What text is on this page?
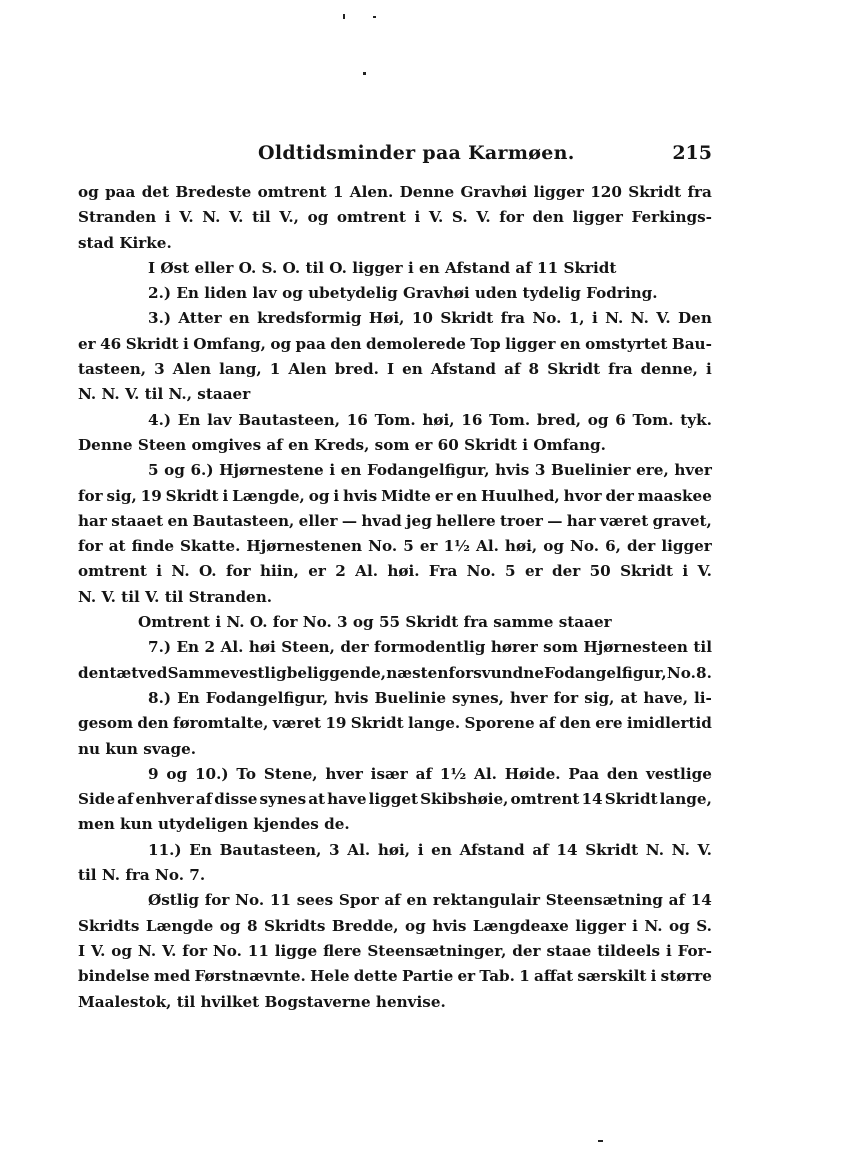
Oldtidsminder paa Karmøen.	215
og paa det Bredeste omtrent 1 Alen. Denne Gravhøi ligger 120 Skridt fra
Stranden i V. N. V. til V., og omtrent i V. S. V. for den ligger Ferkings-
stad Kirke.
I Øst eller O. S. O. til O. ligger i en Afstand af 11 Skridt
2.) En liden lav og ubetydelig Gravhøi uden tydelig Fodring.
3.) Atter en kredsformig Høi, 10 Skridt fra No. 1, i N. N. V. Den
er 46 Skridt i Omfang, og paa den demolerede Top ligger en omstyrtet Bau-
tasteen, 3 Alen lang, 1 Alen bred. I en Afstand af 8 Skridt fra denne, i
N. N. V. til N., staaer
4.) En lav Bautasteen, 16 Tom. høi, 16 Tom. bred, og 6 Tom. tyk.
Denne Steen omgives af en Kreds, som er 60 Skridt i Omfang.
5 og 6.) Hjørnestene i en Fodangelfigur, hvis 3 Buelinier ere, hver
for sig, 19 Skridt i Længde, og i hvis Midte er en Huulhed, hvor der maaskee
har staaet en Bautasteen, eller — hvad jeg hellere troer — har været gravet,
for at finde Skatte. Hjørnestenen No. 5 er 1½ Al. høi, og No. 6, der ligger
omtrent i N. O. for hiin, er 2 Al. høi. Fra No. 5 er der 50 Skridt i V.
N. V. til V. til Stranden.
Omtrent i N. O. for No. 3 og 55 Skridt fra samme staaer
7.) En 2 Al. høi Steen, der formodentlig hører som Hjørnesteen til
den tætved Samme vestlig beliggende, næsten forsvundne Fodangelfigur, No. 8.
8.) En Fodangelfigur, hvis Buelinie synes, hver for sig, at have, li-
gesom den føromtalte, været 19 Skridt lange. Sporene af den ere imidlertid
nu kun svage.
9 og 10.) To Stene, hver især af 1½ Al. Høide. Paa den vestlige
Side af enhver af disse synes at have ligget Skibshøie, omtrent 14 Skridt lange,
men kun utydeligen kjendes de.
11.) En Bautasteen, 3 Al. høi, i en Afstand af 14 Skridt N. N. V.
til N. fra No. 7.
Østlig for No. 11 sees Spor af en rektangulair Steensætning af 14
Skridts Længde og 8 Skridts Bredde, og hvis Længdeaxe ligger i N. og S.
I V. og N. V. for No. 11 ligge flere Steensætninger, der staae tildeels i For-
bindelse med Førstnævnte. Hele dette Partie er Tab. 1 affat særskilt i større
Maalestok, til hvilket Bogstaverne henvise.
